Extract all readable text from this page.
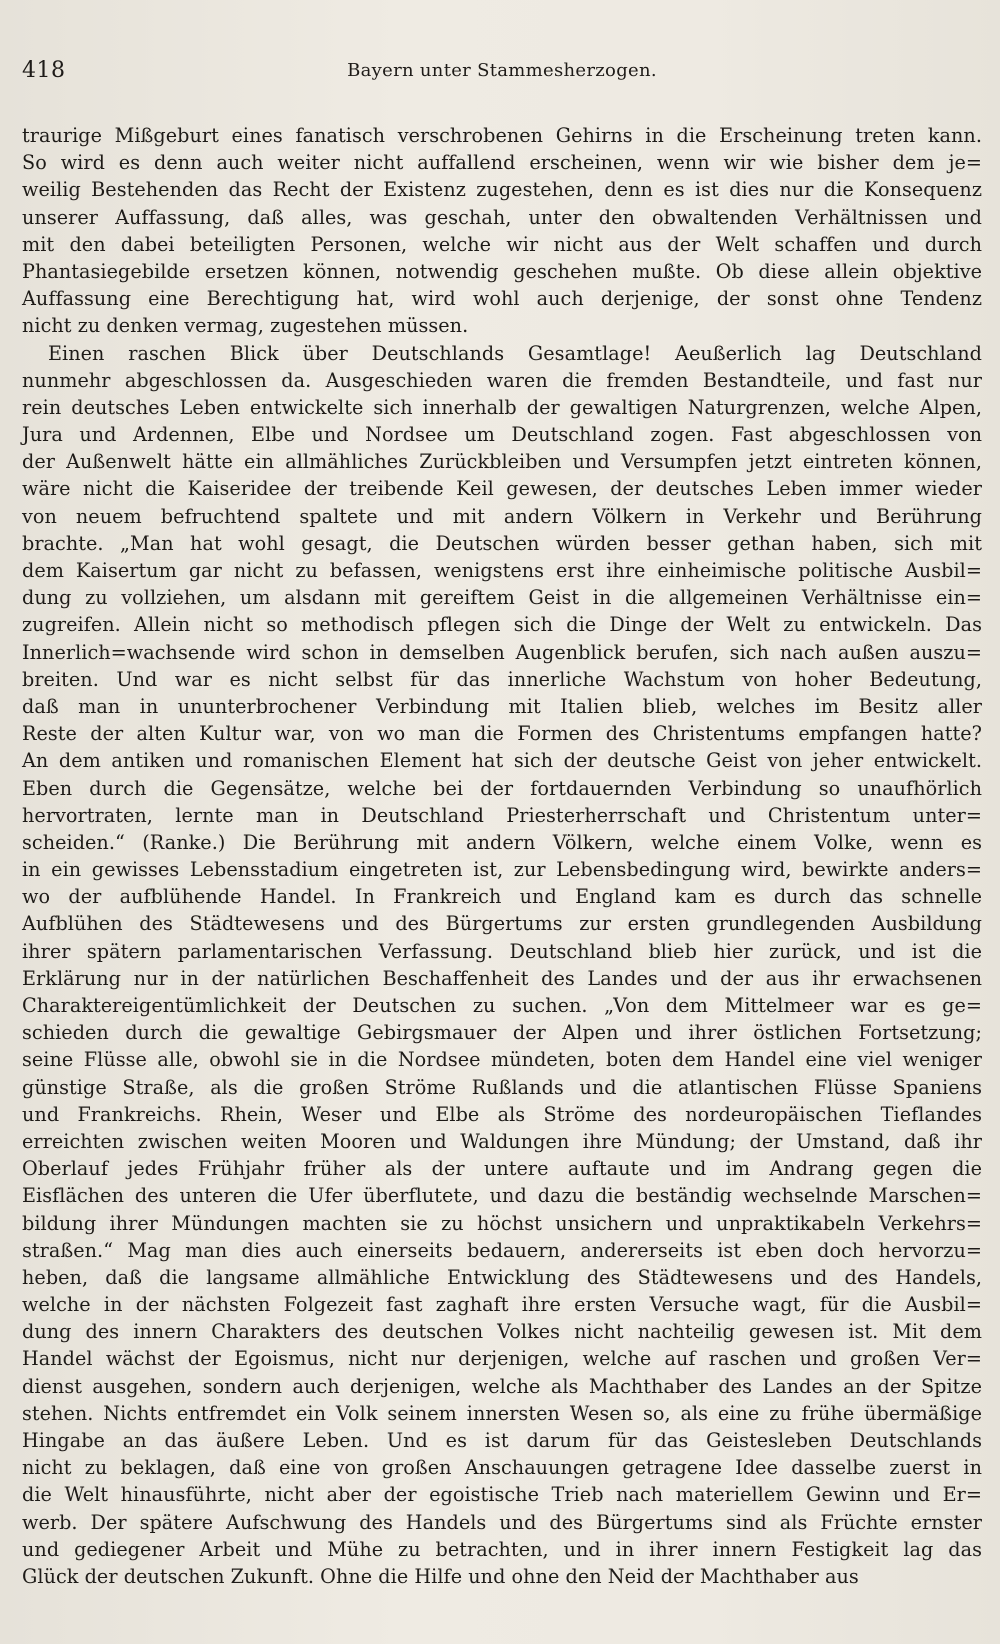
418	Bayern unter Stammesherzogen.
traurige Mißgeburt eines fanatisch verschrobenen Gehirns in die Erscheinung treten kann.
So wird es denn auch weiter nicht auffallend erscheinen, wenn wir wie bisher dem je=
weilig Bestehenden das Recht der Existenz zugestehen, denn es ist dies nur die Konsequenz
unserer Auffassung, daß alles, was geschah, unter den obwaltenden Verhältnissen und
mit den dabei beteiligten Personen, welche wir nicht aus der Welt schaffen und durch
Phantasiegebilde ersetzen können, notwendig geschehen mußte. Ob diese allein objektive
Auffassung eine Berechtigung hat, wird wohl auch derjenige, der sonst ohne Tendenz
nicht zu denken vermag, zugestehen müssen.
Einen raschen Blick über Deutschlands Gesamtlage! Aeußerlich lag Deutschland
nunmehr abgeschlossen da. Ausgeschieden waren die fremden Bestandteile, und fast nur
rein deutsches Leben entwickelte sich innerhalb der gewaltigen Naturgrenzen, welche Alpen,
Jura und Ardennen, Elbe und Nordsee um Deutschland zogen. Fast abgeschlossen von
der Außenwelt hätte ein allmähliches Zurückbleiben und Versumpfen jetzt eintreten können,
wäre nicht die Kaiseridee der treibende Keil gewesen, der deutsches Leben immer wieder
von neuem befruchtend spaltete und mit andern Völkern in Verkehr und Berührung
brachte. „Man hat wohl gesagt, die Deutschen würden besser gethan haben, sich mit
dem Kaisertum gar nicht zu befassen, wenigstens erst ihre einheimische politische Ausbil=
dung zu vollziehen, um alsdann mit gereiftem Geist in die allgemeinen Verhältnisse ein=
zugreifen. Allein nicht so methodisch pflegen sich die Dinge der Welt zu entwickeln. Das
Innerlich=wachsende wird schon in demselben Augenblick berufen, sich nach außen auszu=
breiten. Und war es nicht selbst für das innerliche Wachstum von hoher Bedeutung,
daß man in ununterbrochener Verbindung mit Italien blieb, welches im Besitz aller
Reste der alten Kultur war, von wo man die Formen des Christentums empfangen hatte?
An dem antiken und romanischen Element hat sich der deutsche Geist von jeher entwickelt.
Eben durch die Gegensätze, welche bei der fortdauernden Verbindung so unaufhörlich
hervortraten, lernte man in Deutschland Priesterherrschaft und Christentum unter=
scheiden.“ (Ranke.) Die Berührung mit andern Völkern, welche einem Volke, wenn es
in ein gewisses Lebensstadium eingetreten ist, zur Lebensbedingung wird, bewirkte anders=
wo der aufblühende Handel. In Frankreich und England kam es durch das schnelle
Aufblühen des Städtewesens und des Bürgertums zur ersten grundlegenden Ausbildung
ihrer spätern parlamentarischen Verfassung. Deutschland blieb hier zurück, und ist die
Erklärung nur in der natürlichen Beschaffenheit des Landes und der aus ihr erwachsenen
Charaktereigentümlichkeit der Deutschen zu suchen. „Von dem Mittelmeer war es ge=
schieden durch die gewaltige Gebirgsmauer der Alpen und ihrer östlichen Fortsetzung;
seine Flüsse alle, obwohl sie in die Nordsee mündeten, boten dem Handel eine viel weniger
günstige Straße, als die großen Ströme Rußlands und die atlantischen Flüsse Spaniens
und Frankreichs. Rhein, Weser und Elbe als Ströme des nordeuropäischen Tieflandes
erreichten zwischen weiten Mooren und Waldungen ihre Mündung; der Umstand, daß ihr
Oberlauf jedes Frühjahr früher als der untere auftaute und im Andrang gegen die
Eisflächen des unteren die Ufer überflutete, und dazu die beständig wechselnde Marschen=
bildung ihrer Mündungen machten sie zu höchst unsichern und unpraktikabeln Verkehrs=
straßen.“ Mag man dies auch einerseits bedauern, andererseits ist eben doch hervorzu=
heben, daß die langsame allmähliche Entwicklung des Städtewesens und des Handels,
welche in der nächsten Folgezeit fast zaghaft ihre ersten Versuche wagt, für die Ausbil=
dung des innern Charakters des deutschen Volkes nicht nachteilig gewesen ist. Mit dem
Handel wächst der Egoismus, nicht nur derjenigen, welche auf raschen und großen Ver=
dienst ausgehen, sondern auch derjenigen, welche als Machthaber des Landes an der Spitze
stehen. Nichts entfremdet ein Volk seinem innersten Wesen so, als eine zu frühe übermäßige
Hingabe an das äußere Leben. Und es ist darum für das Geistesleben Deutschlands
nicht zu beklagen, daß eine von großen Anschauungen getragene Idee dasselbe zuerst in
die Welt hinausführte, nicht aber der egoistische Trieb nach materiellem Gewinn und Er=
werb. Der spätere Aufschwung des Handels und des Bürgertums sind als Früchte ernster
und gediegener Arbeit und Mühe zu betrachten, und in ihrer innern Festigkeit lag das
Glück der deutschen Zukunft. Ohne die Hilfe und ohne den Neid der Machthaber aus
